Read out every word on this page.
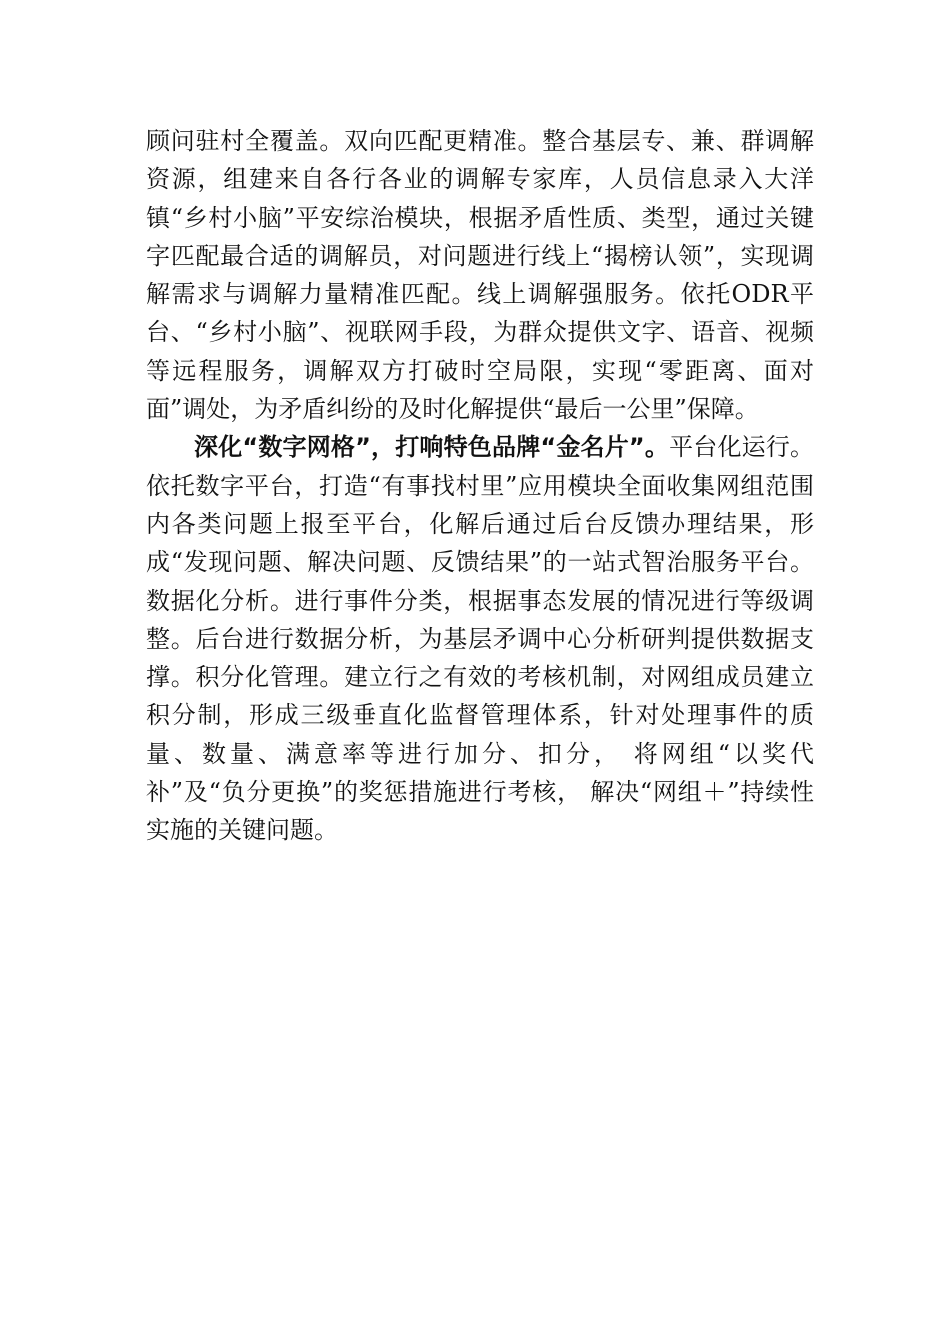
顾问驻村全覆盖。双向匹配更精准。整合基层专、兼、群调解资源，组建来自各行各业的调解专家库，人员信息录入大洋镇“乡村小脑”平安综治模块，根据矛盾性质、类型，通过关键字匹配最合适的调解员，对问题进行线上“揭榜认领”，实现调解需求与调解力量精准匹配。线上调解强服务。依托ODR平台、“乡村小脑”、视联网手段，为群众提供文字、语音、视频等远程服务，调解双方打破时空局限，实现“零距离、面对面”调处，为矛盾纠纷的及时化解提供“最后一公里”保障。

深化“数字网格”，打响特色品牌“金名片”。平台化运行。依托数字平台，打造“有事找村里”应用模块全面收集网组范围内各类问题上报至平台，化解后通过后台反馈办理结果，形成“发现问题、解决问题、反馈结果”的一站式智治服务平台。数据化分析。进行事件分类，根据事态发展的情况进行等级调整。后台进行数据分析，为基层矛调中心分析研判提供数据支撑。积分化管理。建立行之有效的考核机制，对网组成员建立积分制，形成三级垂直化监督管理体系，针对处理事件的质量、数量、满意率等进行加分、扣分， 将网组“以奖代补”及“负分更换”的奖惩措施进行考核， 解决“网组＋”持续性实施的关键问题。
